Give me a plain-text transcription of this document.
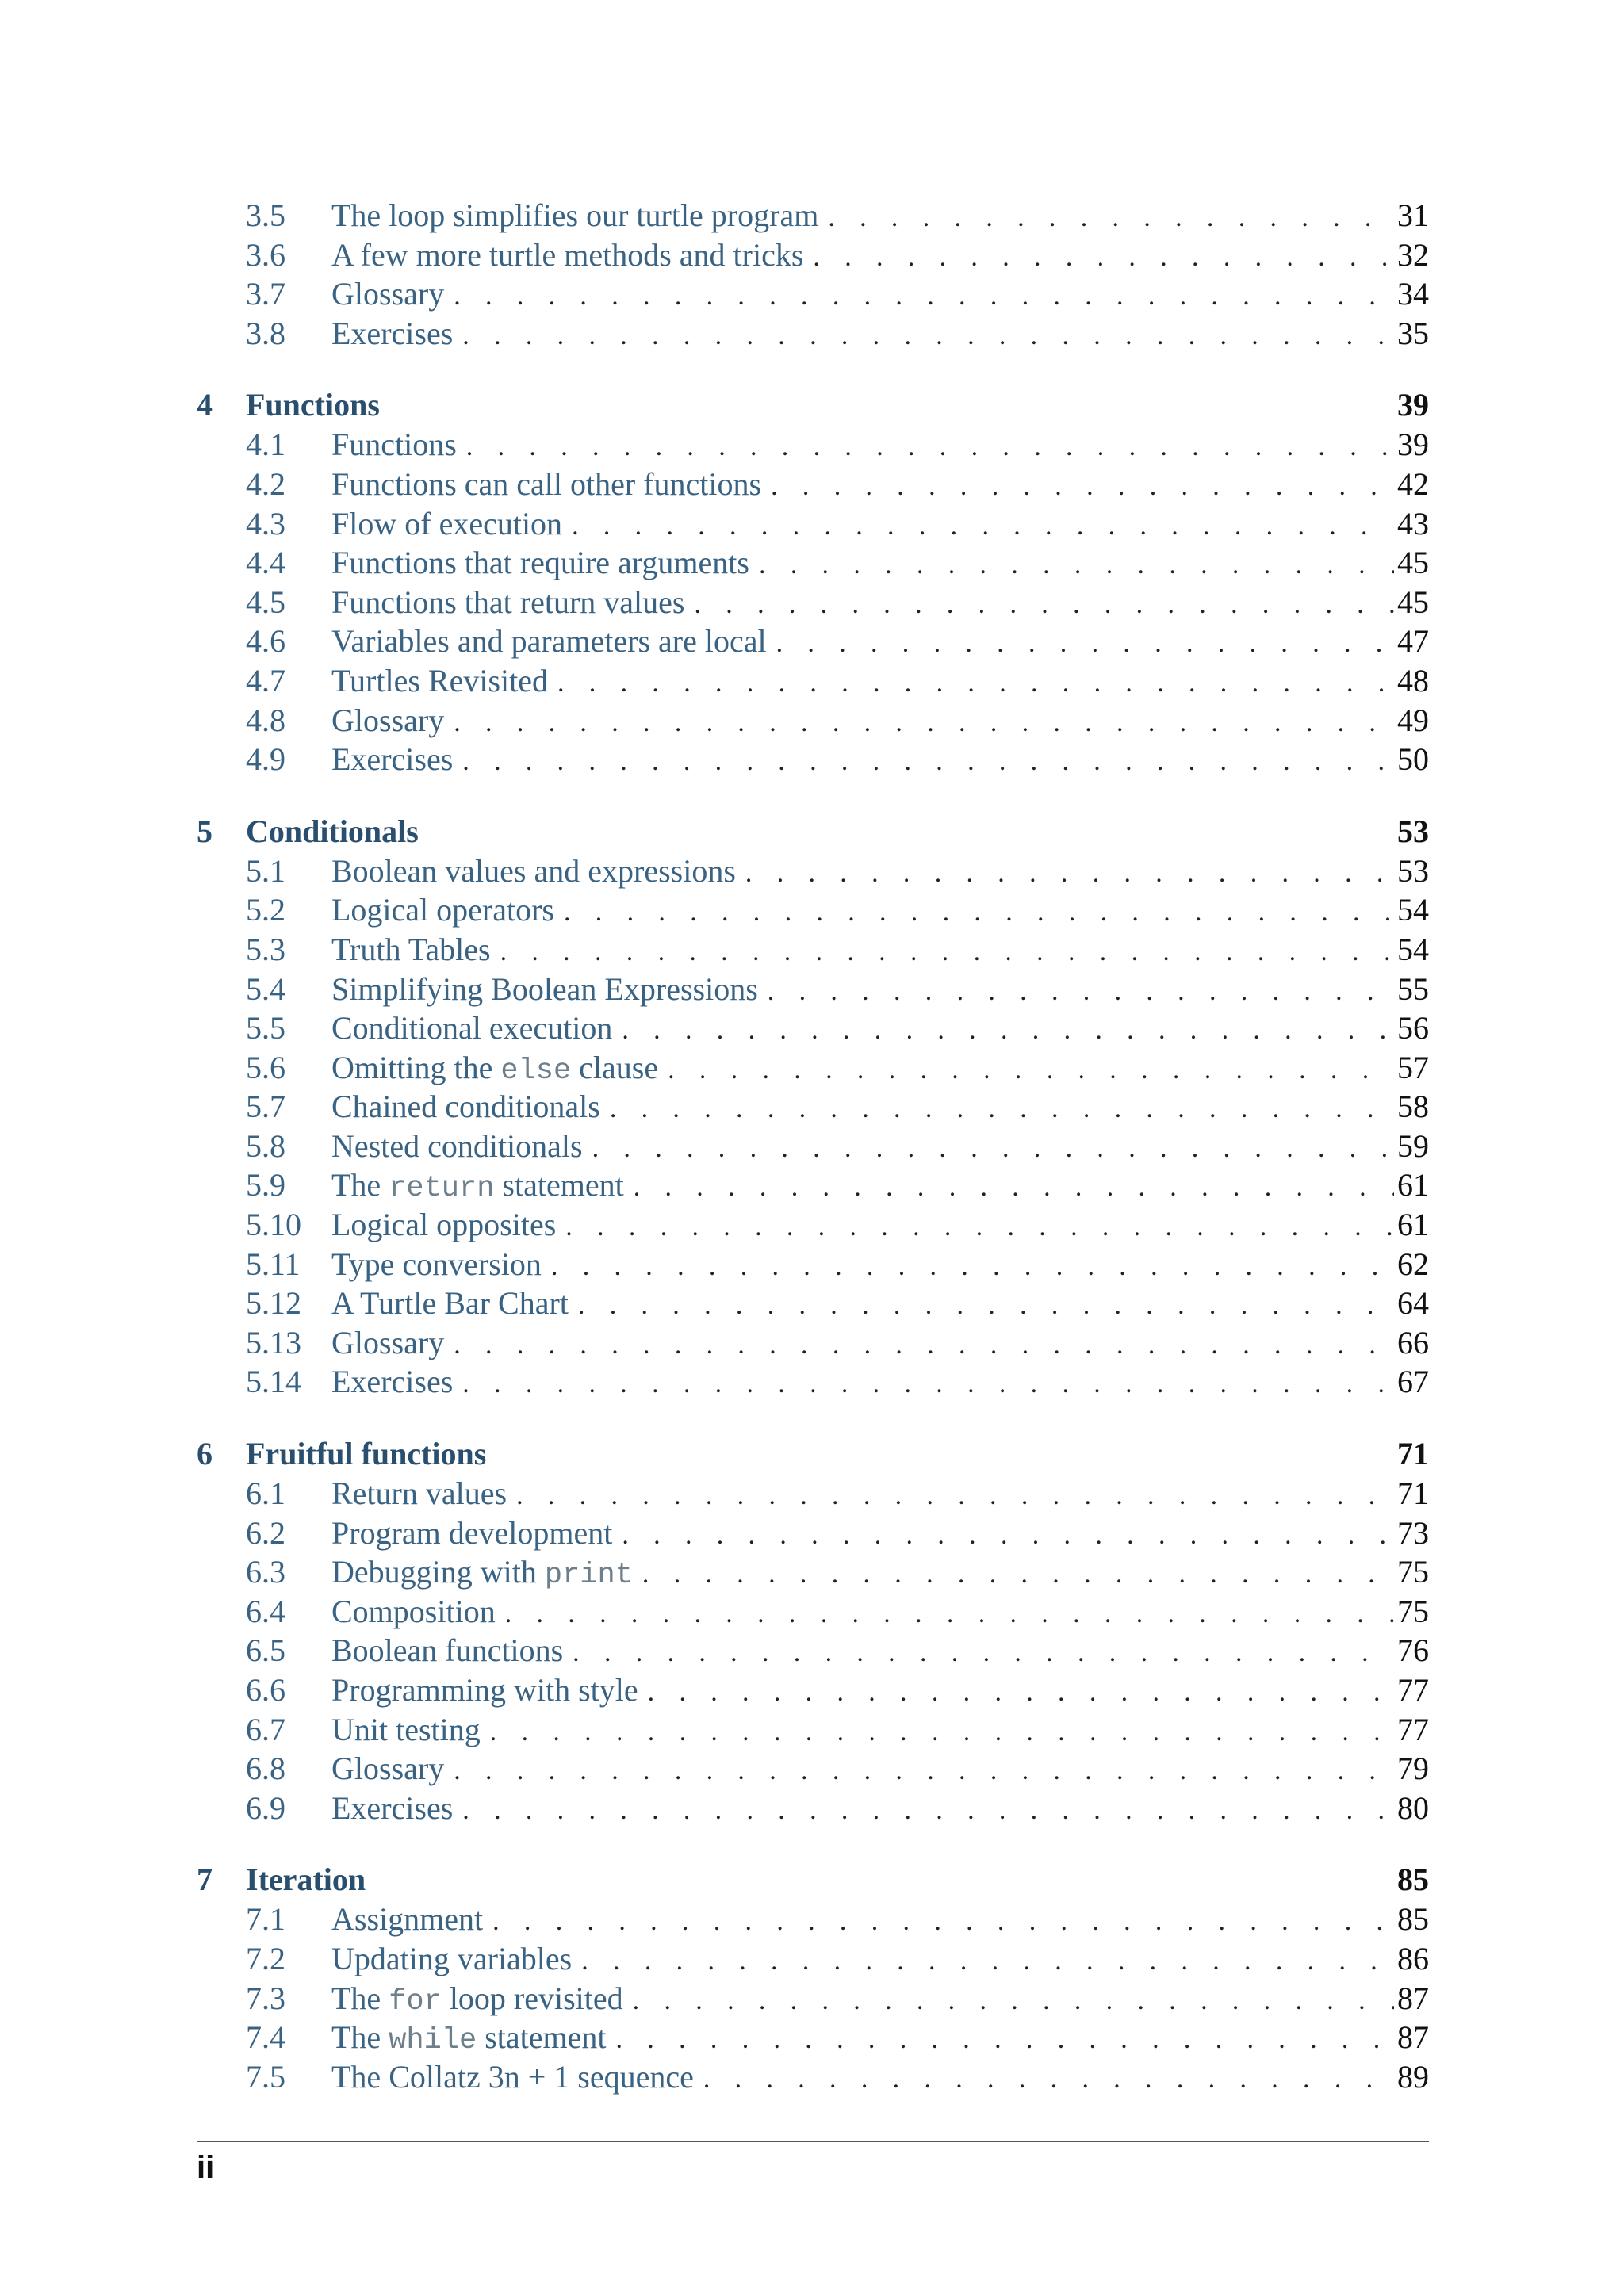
3.5	The loop simplifies our turtle program . . .	31
3.6	A few more turtle methods and tricks . . .	32
3.7	Glossary . . .	34
3.8	Exercises . . .	35
4	Functions	39
4.1	Functions . . .	39
4.2	Functions can call other functions . . .	42
4.3	Flow of execution . . .	43
4.4	Functions that require arguments . . .	45
4.5	Functions that return values . . .	45
4.6	Variables and parameters are local . . .	47
4.7	Turtles Revisited . . .	48
4.8	Glossary . . .	49
4.9	Exercises . . .	50
5	Conditionals	53
5.1	Boolean values and expressions . . .	53
5.2	Logical operators . . .	54
5.3	Truth Tables . . .	54
5.4	Simplifying Boolean Expressions . . .	55
5.5	Conditional execution . . .	56
5.6	Omitting the else clause . . .	57
5.7	Chained conditionals . . .	58
5.8	Nested conditionals . . .	59
5.9	The return statement . . .	61
5.10 Logical opposites . . .	61
5.11 Type conversion . . .	62
5.12 A Turtle Bar Chart . . .	64
5.13 Glossary . . .	66
5.14 Exercises . . .	67
6	Fruitful functions	71
6.1	Return values . . .	71
6.2	Program development . . .	73
6.3	Debugging with print . . .	75
6.4	Composition . . .	75
6.5	Boolean functions . . .	76
6.6	Programming with style . . .	77
6.7	Unit testing . . .	77
6.8	Glossary . . .	79
6.9	Exercises . . .	80
7	Iteration	85
7.1	Assignment . . .	85
7.2	Updating variables . . .	86
7.3	The for loop revisited . . .	87
7.4	The while statement . . .	87
7.5	The Collatz 3n + 1 sequence . . .	89
ii
